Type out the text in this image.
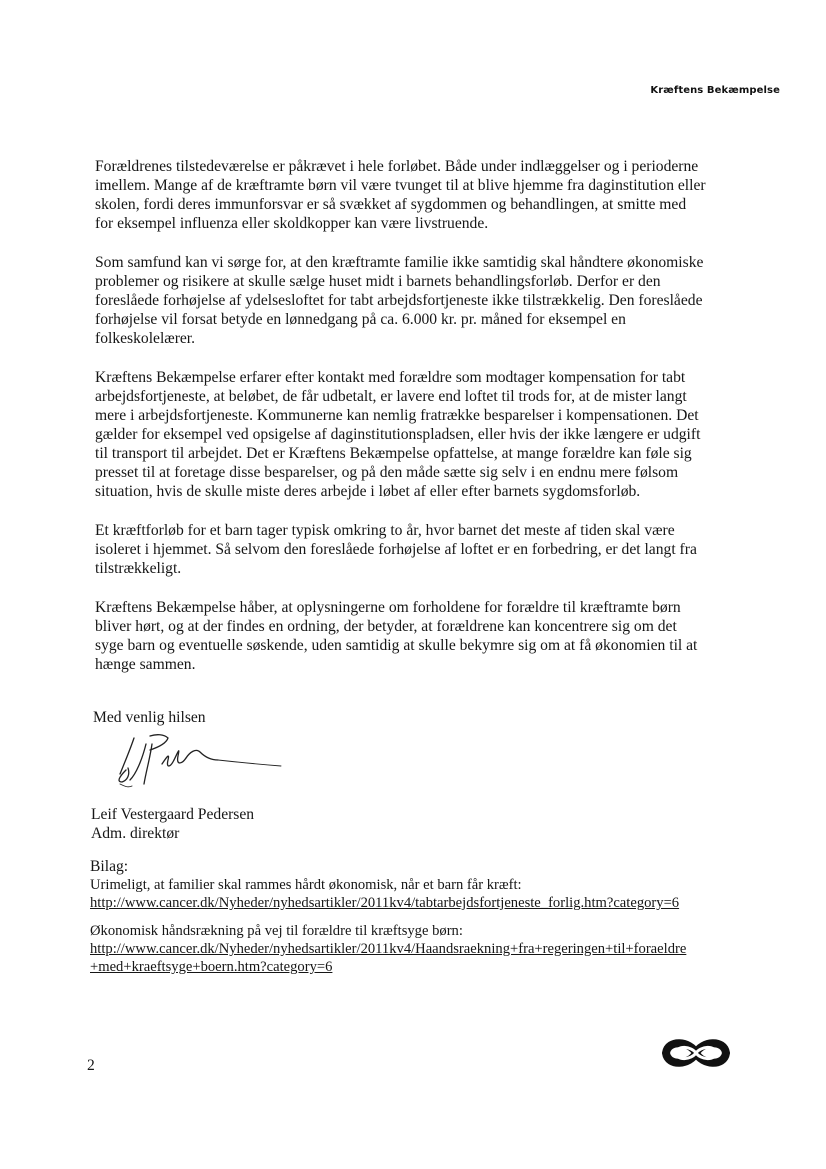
Kræftens Bekæmpelse

Forældrenes tilstedeværelse er påkrævet i hele forløbet. Både under indlæggelser og i perioderne imellem. Mange af de kræftramte børn vil være tvunget til at blive hjemme fra daginstitution eller skolen, fordi deres immunforsvar er så svækket af sygdommen og behandlingen, at smitte med for eksempel influenza eller skoldkopper kan være livstruende.

Som samfund kan vi sørge for, at den kræftramte familie ikke samtidig skal håndtere økonomiske problemer og risikere at skulle sælge huset midt i barnets behandlingsforløb. Derfor er den foreslåede forhøjelse af ydelsesloftet for tabt arbejdsfortjeneste ikke tilstrækkelig. Den foreslåede forhøjelse vil forsat betyde en lønnedgang på ca. 6.000 kr. pr. måned for eksempel en folkeskolelærer.

Kræftens Bekæmpelse erfarer efter kontakt med forældre som modtager kompensation for tabt arbejdsfortjeneste, at beløbet, de får udbetalt, er lavere end loftet til trods for, at de mister langt mere i arbejdsfortjeneste. Kommunerne kan nemlig fratrække besparelser i kompensationen. Det gælder for eksempel ved opsigelse af daginstitutionspladsen, eller hvis der ikke længere er udgift til transport til arbejdet. Det er Kræftens Bekæmpelse opfattelse, at mange forældre kan føle sig presset til at foretage disse besparelser, og på den måde sætte sig selv i en endnu mere følsom situation, hvis de skulle miste deres arbejde i løbet af eller efter barnets sygdomsforløb.

Et kræftforløb for et barn tager typisk omkring to år, hvor barnet det meste af tiden skal være isoleret i hjemmet. Så selvom den foreslåede forhøjelse af loftet er en forbedring, er det langt fra tilstrækkeligt.

Kræftens Bekæmpelse håber, at oplysningerne om forholdene for forældre til kræftramte børn bliver hørt, og at der findes en ordning, der betyder, at forældrene kan koncentrere sig om det syge barn og eventuelle søskende, uden samtidig at skulle bekymre sig om at få økonomien til at hænge sammen.

Med venlig hilsen
Leif Vestergaard Pedersen
Adm. direktør
Bilag:
Urimeligt, at familier skal rammes hårdt økonomisk, når et barn får kræft:
http://www.cancer.dk/Nyheder/nyhedsartikler/2011kv4/tabtarbejdsfortjeneste_forlig.htm?category=6
Økonomisk håndsrækning på vej til forældre til kræftsyge børn:
http://www.cancer.dk/Nyheder/nyhedsartikler/2011kv4/Haandsraekning+fra+regeringen+til+foraeldre
+med+kraeftsyge+boern.htm?category=6
2
